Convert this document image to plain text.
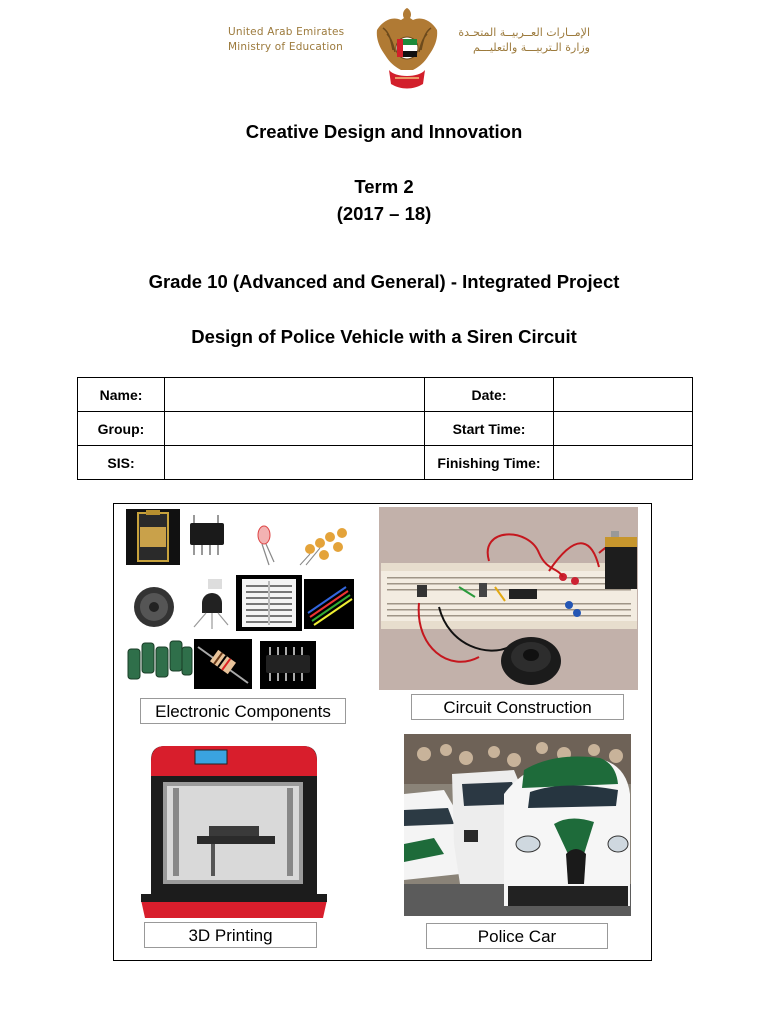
United Arab Emirates
Ministry of Education
الإمــارات العــربيــة المتحـدة
وزارة الـتربيـــة والتعليـــم
Creative Design and Innovation
Term 2
(2017 – 18)
Grade 10 (Advanced and General) - Integrated Project
Design of Police Vehicle with a Siren Circuit
Name:		Date:	
Group:		Start Time:	
SIS:		Finishing Time:	
Electronic Components	Circuit Construction
3D Printing	Police Car
